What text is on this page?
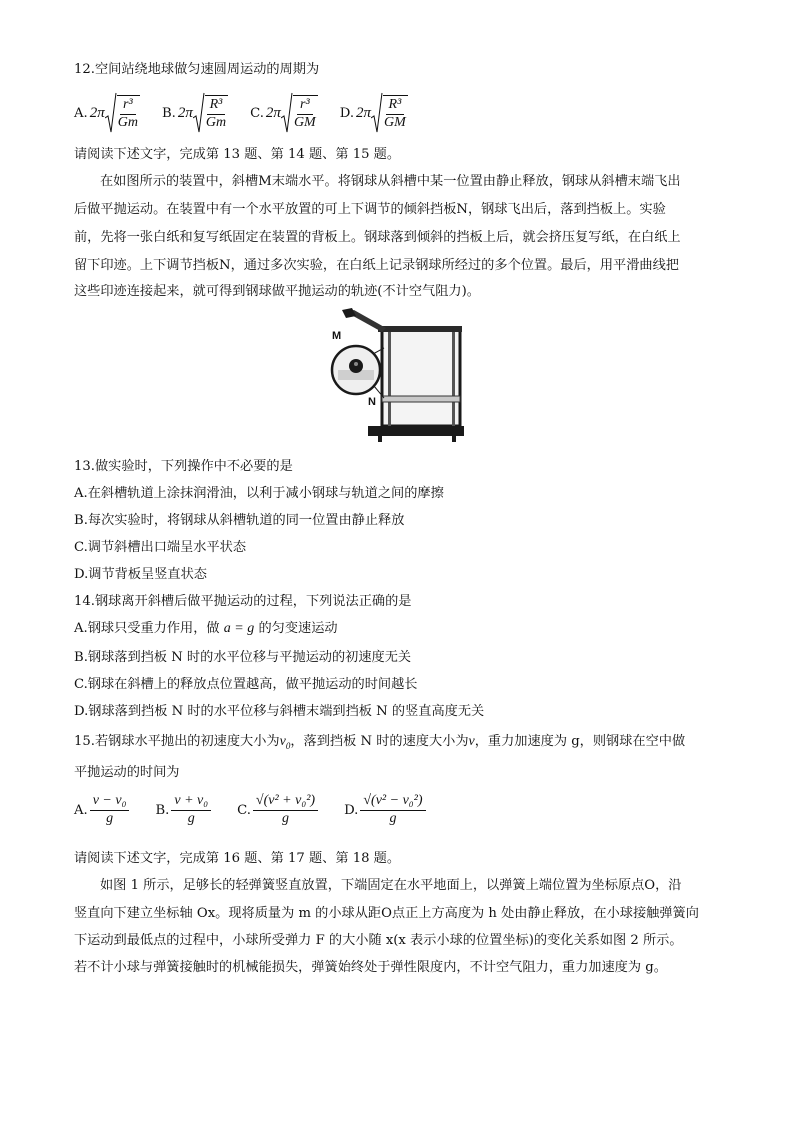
12.空间站绕地球做匀速圆周运动的周期为
A. $2\pi \frac{\text{r³}}{Gm} B$. $2\pi \frac{\text{R³}}{Gm} C$. $2\pi \frac{\text{r³}}{GM} D$. $2\pi \frac{\text{R³}}{GM}$
请阅读下述文字，完成第 13 题、第 14 题、第 15 题。
在如图所示的装置中，斜槽M末端水平。将钢球从斜槽中某一位置由静止释放，钢球从斜槽末端飞出
后做平抛运动。在装置中有一个水平放置的可上下调节的倾斜挡板N，钢球飞出后，落到挡板上。实验
前，先将一张白纸和复写纸固定在装置的背板上。钢球落到倾斜的挡板上后，就会挤压复写纸，在白纸上
留下印迹。上下调节挡板N，通过多次实验，在白纸上记录钢球所经过的多个位置。最后，用平滑曲线把
这些印迹连接起来，就可得到钢球做平抛运动的轨迹(不计空气阻力)。
M
N
13.做实验时，下列操作中不必要的是
A.在斜槽轨道上涂抹润滑油，以利于减小钢球与轨道之间的摩擦
B.每次实验时，将钢球从斜槽轨道的同一位置由静止释放
C.调节斜槽出口端呈水平状态
D.调节背板呈竖直状态
14.钢球离开斜槽后做平抛运动的过程，下列说法正确的是
A.钢球只受重力作用，做 a = g 的匀变速运动
B.钢球落到挡板 N 时的水平位移与平抛运动的初速度无关
C.钢球在斜槽上的释放点位置越高，做平抛运动的时间越长
D.钢球落到挡板 N 时的水平位移与斜槽末端到挡板 N 的竖直高度无关
15.若钢球水平抛出的初速度大小为$v_0$，落到挡板 N 时的速度大小为v，重力加速度为 g，则钢球在空中做
平抛运动的时间为
A. $\frac{\text{v − v₀}}{g} B$. $\frac{\text{v + v₀}}{g} C$. $\frac{\text{√(v² + v₀²)}}{g} D$. $\frac{\text{√(v² − v₀²)}}{g}$
请阅读下述文字，完成第 16 题、第 17 题、第 18 题。
如图 1 所示，足够长的轻弹簧竖直放置，下端固定在水平地面上，以弹簧上端位置为坐标原点O，沿
竖直向下建立坐标轴 Ox。现将质量为 m 的小球从距O点正上方高度为 h 处由静止释放，在小球接触弹簧向
下运动到最低点的过程中，小球所受弹力 F 的大小随 x(x 表示小球的位置坐标)的变化关系如图 2 所示。
若不计小球与弹簧接触时的机械能损失，弹簧始终处于弹性限度内，不计空气阻力，重力加速度为 g。
